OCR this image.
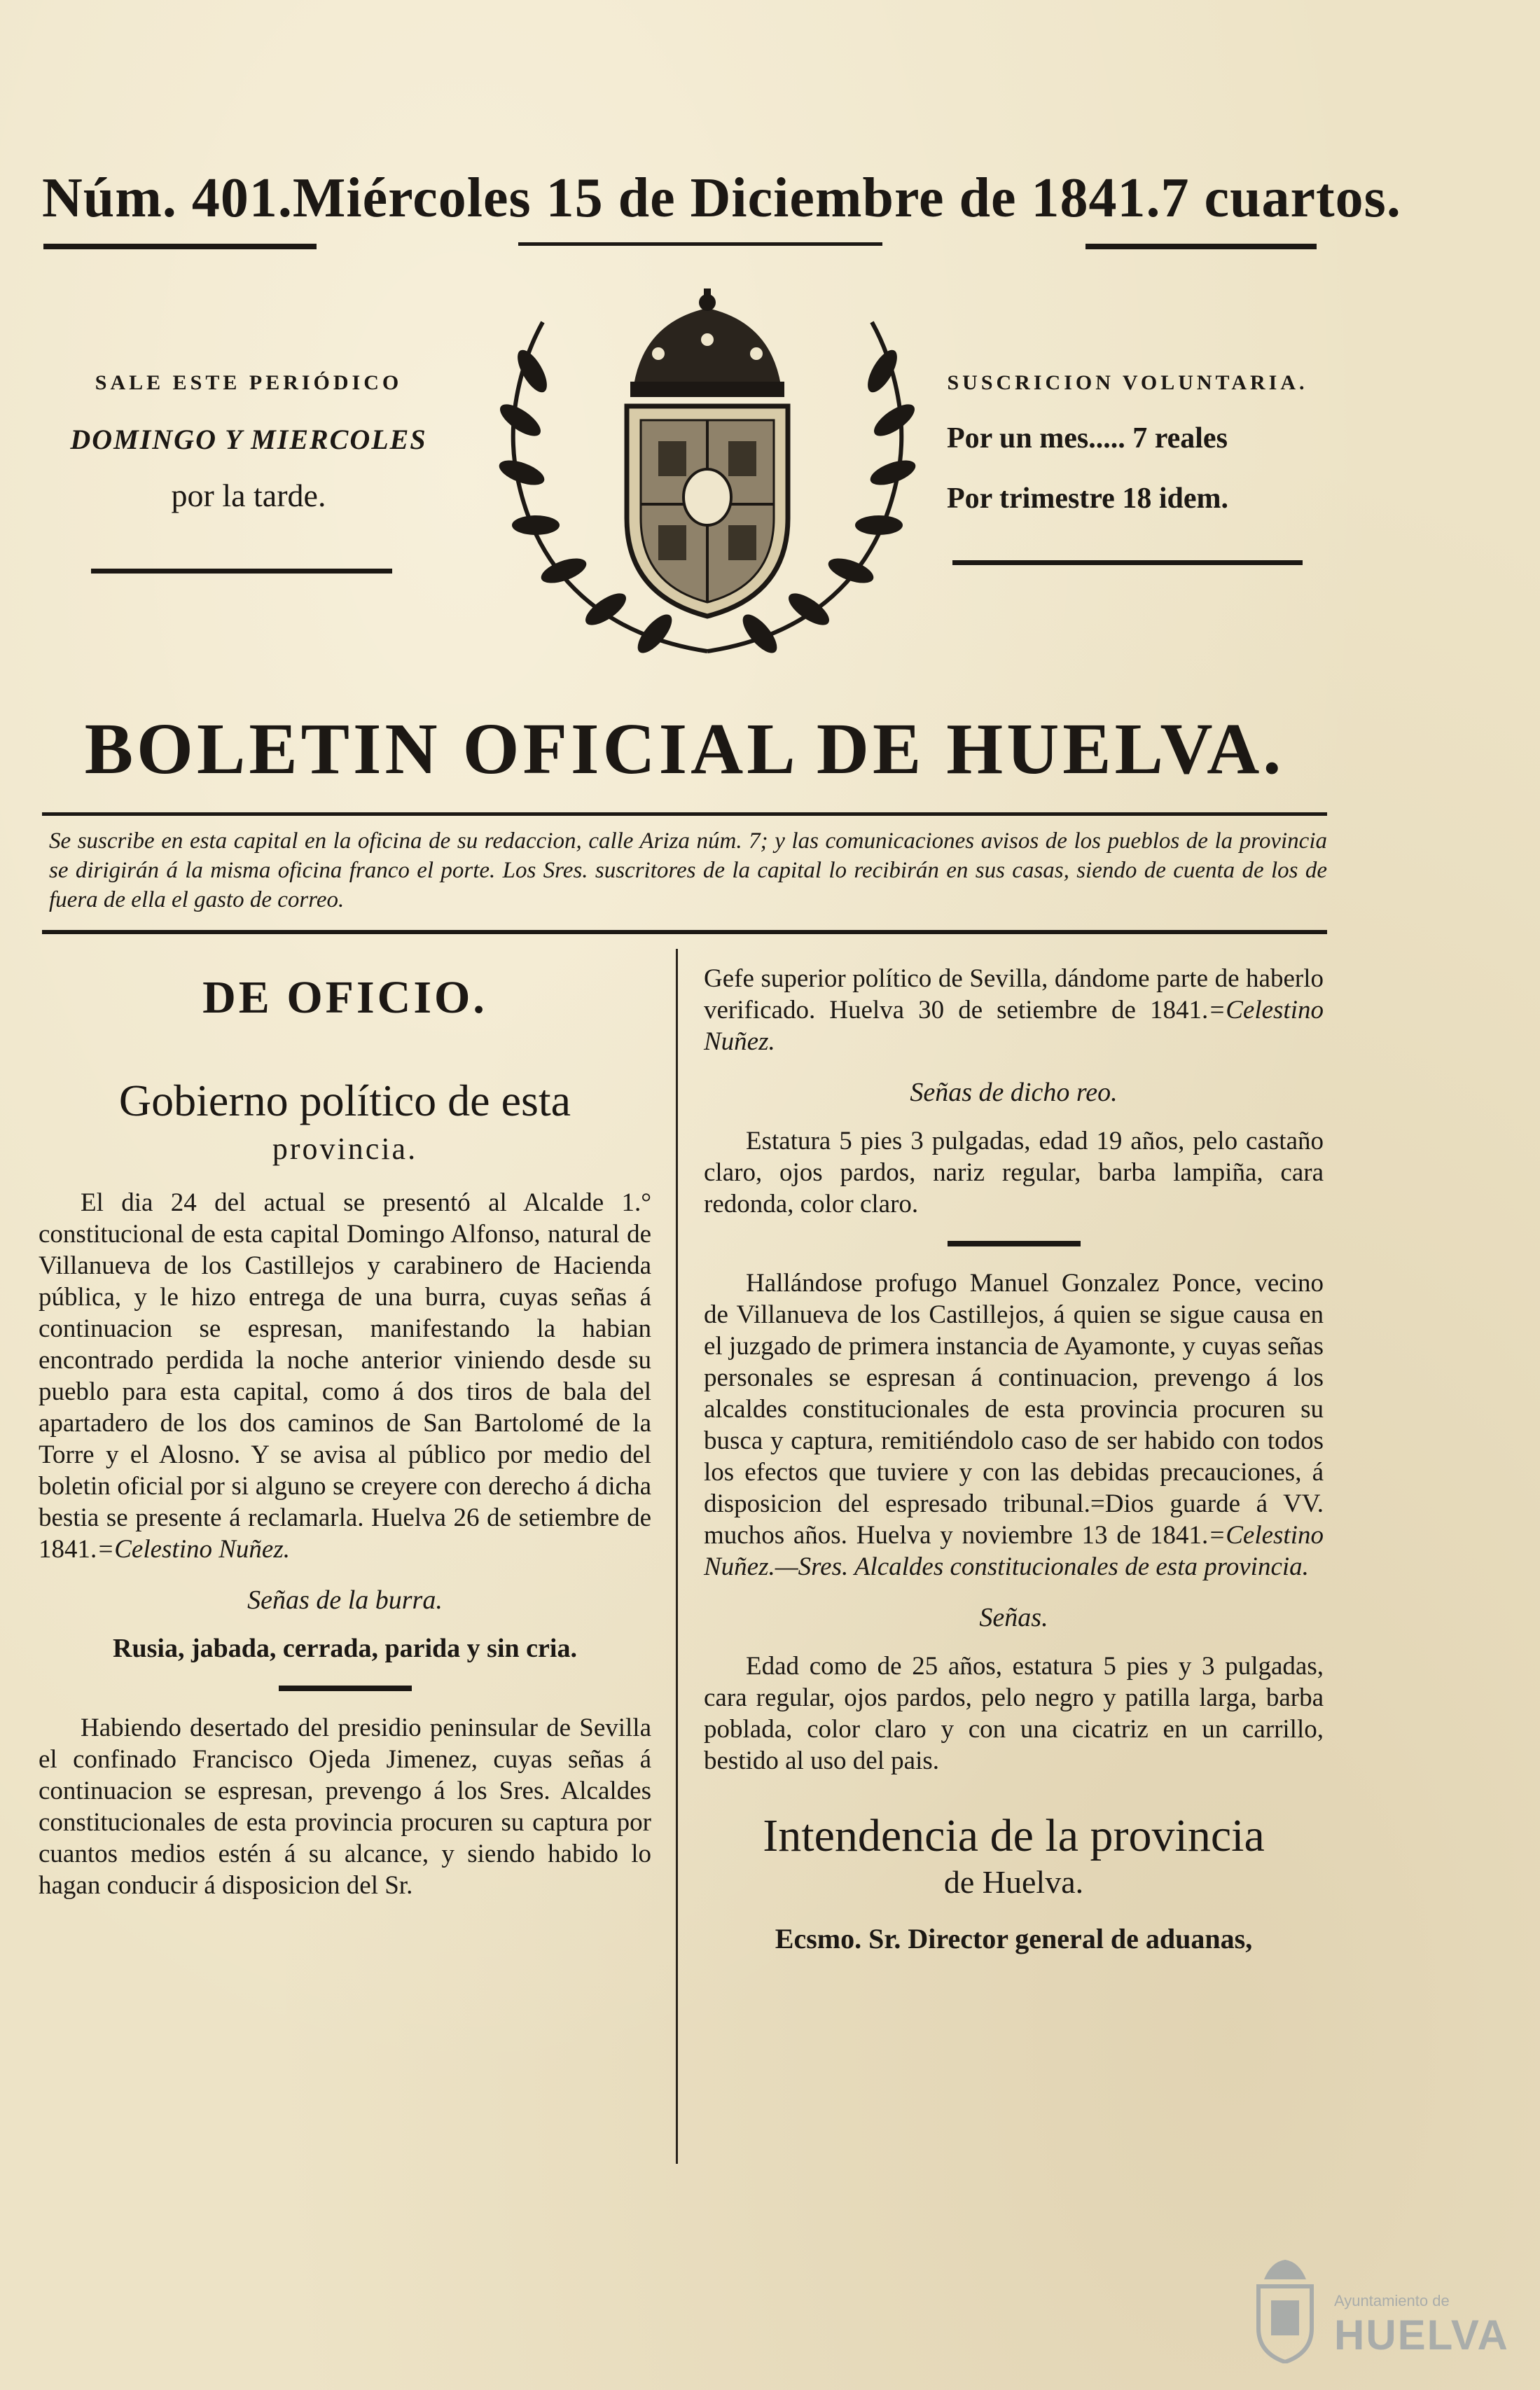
Núm. 401. Miércoles 15 de Diciembre de 1841. 7 cuartos.
SALE ESTE PERIÓDICO
DOMINGO Y MIERCOLES
por la tarde.
SUSCRICION VOLUNTARIA.
Por un mes..... 7 reales
Por trimestre 18 idem.
BOLETIN OFICIAL DE HUELVA.
Se suscribe en esta capital en la oficina de su redaccion, calle Ariza núm. 7; y las comunicaciones avisos de los pueblos de la provincia se dirigirán á la misma oficina franco el porte. Los Sres. suscritores de la capital lo recibirán en sus casas, siendo de cuenta de los de fuera de ella el gasto de correo.
DE OFICIO.
Gobierno político de esta
provincia.

El dia 24 del actual se presentó al Alcalde 1.° constitucional de esta capital Domingo Alfonso, natural de Villanueva de los Castillejos y carabinero de Hacienda pública, y le hizo entrega de una burra, cuyas señas á continuacion se espresan, manifestando la habian encontrado perdida la noche anterior viniendo desde su pueblo para esta capital, como á dos tiros de bala del apartadero de los dos caminos de San Bartolomé de la Torre y el Alosno. Y se avisa al público por medio del boletin oficial por si alguno se creyere con derecho á dicha bestia se presente á reclamarla. Huelva 26 de setiembre de 1841.=Celestino Nuñez.

Señas de la burra.
Rusia, jabada, cerrada, parida y sin cria.

Habiendo desertado del presidio peninsular de Sevilla el confinado Francisco Ojeda Jimenez, cuyas señas á continuacion se espresan, prevengo á los Sres. Alcaldes constitucionales de esta provincia procuren su captura por cuantos medios estén á su alcance, y siendo habido lo hagan conducir á disposicion del Sr.

Gefe superior político de Sevilla, dándome parte de haberlo verificado. Huelva 30 de setiembre de 1841.=Celestino Nuñez.

Señas de dicho reo.

Estatura 5 pies 3 pulgadas, edad 19 años, pelo castaño claro, ojos pardos, nariz regular, barba lampiña, cara redonda, color claro.

Hallándose profugo Manuel Gonzalez Ponce, vecino de Villanueva de los Castillejos, á quien se sigue causa en el juzgado de primera instancia de Ayamonte, y cuyas señas personales se espresan á continuacion, prevengo á los alcaldes constitucionales de esta provincia procuren su busca y captura, remitiéndolo caso de ser habido con todos los efectos que tuviere y con las debidas precauciones, á disposicion del espresado tribunal.=Dios guarde á VV. muchos años. Huelva y noviembre 13 de 1841.=Celestino Nuñez.—Sres. Alcaldes constitucionales de esta provincia.

Señas.

Edad como de 25 años, estatura 5 pies y 3 pulgadas, cara regular, ojos pardos, pelo negro y patilla larga, barba poblada, color claro y con una cicatriz en un carrillo, bestido al uso del pais.

Intendencia de la provincia
de Huelva.
Ecsmo. Sr. Director general de aduanas,
Ayuntamiento de
HUELVA
